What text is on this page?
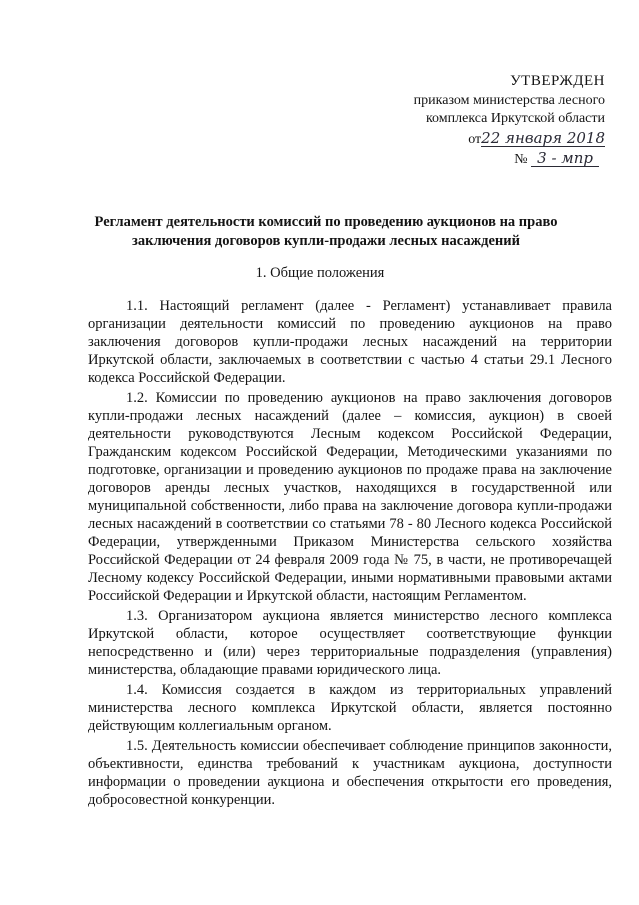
УТВЕРЖДЕН
приказом министерства лесного
комплекса Иркутской области
от22 января 2018
№ 3 - мпр
Регламент деятельности комиссий по проведению аукционов на право заключения договоров купли-продажи лесных насаждений
1. Общие положения

1.1. Настоящий регламент (далее - Регламент) устанавливает правила организации деятельности комиссий по проведению аукционов на право заключения договоров купли-продажи лесных насаждений на территории Иркутской области, заключаемых в соответствии с частью 4 статьи 29.1 Лесного кодекса Российской Федерации.

1.2. Комиссии по проведению аукционов на право заключения договоров купли-продажи лесных насаждений (далее – комиссия, аукцион) в своей деятельности руководствуются Лесным кодексом Российской Федерации, Гражданским кодексом Российской Федерации, Методическими указаниями по подготовке, организации и проведению аукционов по продаже права на заключение договоров аренды лесных участков, находящихся в государственной или муниципальной собственности, либо права на заключение договора купли-продажи лесных насаждений в соответствии со статьями 78 - 80 Лесного кодекса Российской Федерации, утвержденными Приказом Министерства сельского хозяйства Российской Федерации от 24 февраля 2009 года № 75, в части, не противоречащей Лесному кодексу Российской Федерации, иными нормативными правовыми актами Российской Федерации и Иркутской области, настоящим Регламентом.

1.3. Организатором аукциона является министерство лесного комплекса Иркутской области, которое осуществляет соответствующие функции непосредственно и (или) через территориальные подразделения (управления) министерства, обладающие правами юридического лица.

1.4. Комиссия создается в каждом из территориальных управлений министерства лесного комплекса Иркутской области, является постоянно действующим коллегиальным органом.

1.5. Деятельность комиссии обеспечивает соблюдение принципов законности, объективности, единства требований к участникам аукциона, доступности информации о проведении аукциона и обеспечения открытости его проведения, добросовестной конкуренции.
